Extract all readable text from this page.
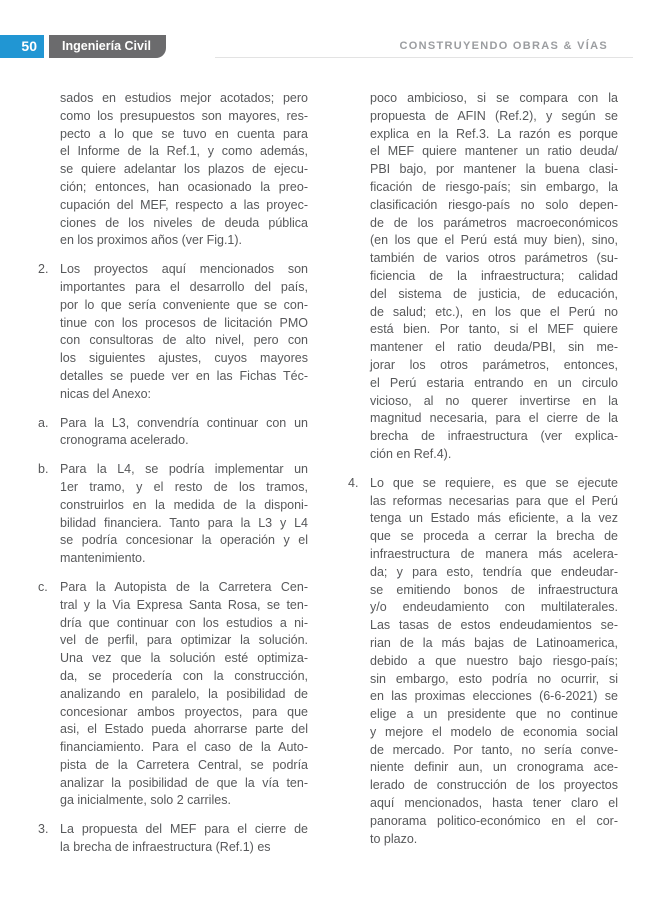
50	Ingeniería Civil	CONSTRUYENDO OBRAS & VÍAS
sados en estudios mejor acotados; pero
como los presupuestos son mayores, res-
pecto a lo que se tuvo en cuenta para
el Informe de la Ref.1, y como además,
se quiere adelantar los plazos de ejecu-
ción; entonces, han ocasionado la preo-
cupación del MEF, respecto a las proyec-
ciones de los niveles de deuda pública
en los proximos años (ver Fig.1).
2. Los proyectos aquí mencionados son
importantes para el desarrollo del país,
por lo que sería conveniente que se con-
tinue con los procesos de licitación PMO
con consultoras de alto nivel, pero con
los siguientes ajustes, cuyos mayores
detalles se puede ver en las Fichas Téc-
nicas del Anexo:
a. Para la L3, convendría continuar con un
cronograma acelerado.
b. Para la L4, se podría implementar un
1er tramo, y el resto de los tramos,
construirlos en la medida de la disponi-
bilidad financiera. Tanto para la L3 y L4
se podría concesionar la operación y el
mantenimiento.
c. Para la Autopista de la Carretera Cen-
tral y la Via Expresa Santa Rosa, se ten-
dría que continuar con los estudios a ni-
vel de perfil, para optimizar la solución.
Una vez que la solución esté optimiza-
da, se procedería con la construcción,
analizando en paralelo, la posibilidad de
concesionar ambos proyectos, para que
asi, el Estado pueda ahorrarse parte del
financiamiento. Para el caso de la Auto-
pista de la Carretera Central, se podría
analizar la posibilidad de que la vía ten-
ga inicialmente, solo 2 carriles.
3. La propuesta del MEF para el cierre de
la brecha de infraestructura (Ref.1) es
poco ambicioso, si se compara con la
propuesta de AFIN (Ref.2), y según se
explica en la Ref.3. La razón es porque
el MEF quiere mantener un ratio deuda/
PBI bajo, por mantener la buena clasi-
ficación de riesgo-país; sin embargo, la
clasificación riesgo-país no solo depen-
de de los parámetros macroeconómicos
(en los que el Perú está muy bien), sino,
también de varios otros parámetros (su-
ficiencia de la infraestructura; calidad
del sistema de justicia, de educación,
de salud; etc.), en los que el Perú no
está bien. Por tanto, si el MEF quiere
mantener el ratio deuda/PBI, sin me-
jorar los otros parámetros, entonces,
el Perú estaria entrando en un circulo
vicioso, al no querer invertirse en la
magnitud necesaria, para el cierre de la
brecha de infraestructura (ver explica-
ción en Ref.4).
4. Lo que se requiere, es que se ejecute
las reformas necesarias para que el Perú
tenga un Estado más eficiente, a la vez
que se proceda a cerrar la brecha de
infraestructura de manera más acelera-
da; y para esto, tendría que endeudar-
se emitiendo bonos de infraestructura
y/o endeudamiento con multilaterales.
Las tasas de estos endeudamientos se-
rian de la más bajas de Latinoamerica,
debido a que nuestro bajo riesgo-país;
sin embargo, esto podría no ocurrir, si
en las proximas elecciones (6-6-2021) se
elige a un presidente que no continue
y mejore el modelo de economia social
de mercado. Por tanto, no sería conve-
niente definir aun, un cronograma ace-
lerado de construcción de los proyectos
aquí mencionados, hasta tener claro el
panorama politico-económico en el cor-
to plazo.
